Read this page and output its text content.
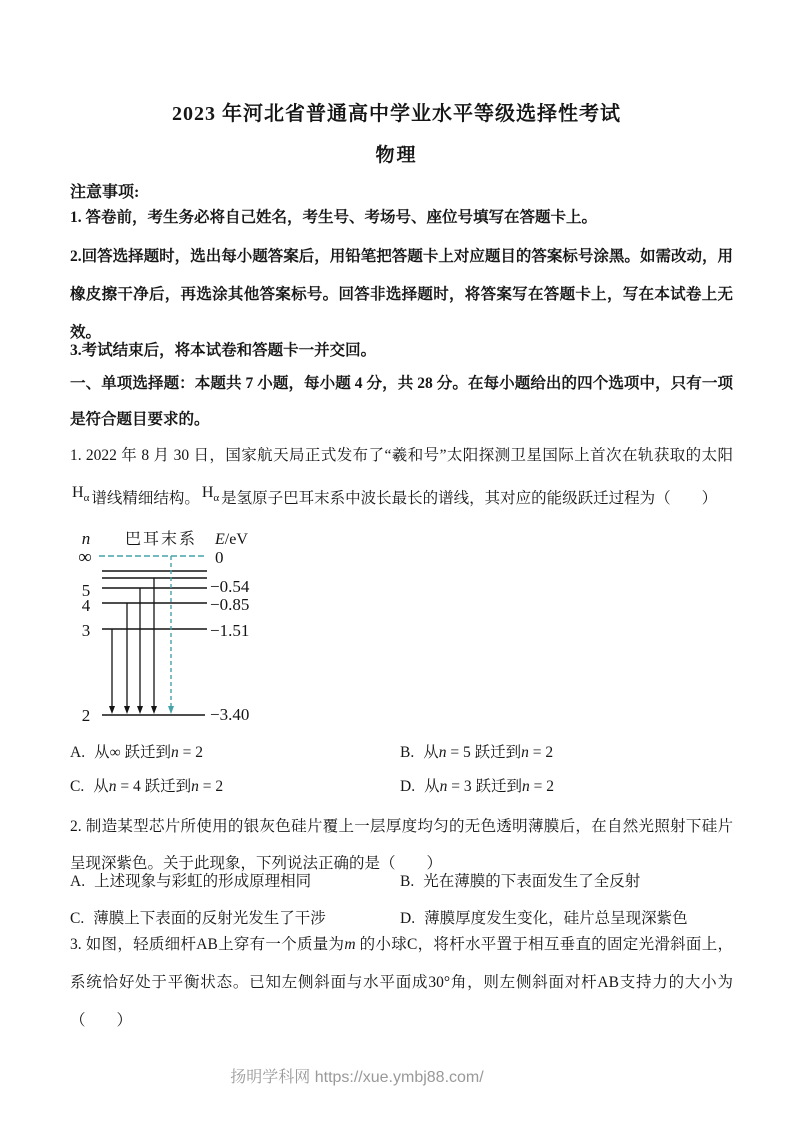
2023 年河北省普通高中学业水平等级选择性考试
物理
注意事项:
1. 答卷前，考生务必将自己姓名，考生号、考场号、座位号填写在答题卡上。
2.回答选择题时，选出每小题答案后，用铅笔把答题卡上对应题目的答案标号涂黑。如需改动，用橡皮擦干净后，再选涂其他答案标号。回答非选择题时，将答案写在答题卡上，写在本试卷上无效。
3.考试结束后，将本试卷和答题卡一并交回。
一、单项选择题：本题共 7 小题，每小题 4 分，共 28 分。在每小题给出的四个选项中，只有一项是符合题目要求的。
1. 2022 年 8 月 30 日，国家航天局正式发布了“羲和号”太阳探测卫星国际上首次在轨获取的太阳$H_\alpha$ 谱线精细结构。 $H_\alpha$ 是氢原子巴耳末系中波长最长的谱线，其对应的能级跃迁过程为（　　）
n 巴耳末系 E/eV
∞
5
4
3
2
0
−0.54
−0.85
−1.51
−3.40
A. 从∞ 跃迁到n = 2	B. 从n = 5 跃迁到n = 2
C. 从n = 4 跃迁到n = 2	D. 从n = 3 跃迁到n = 2
2. 制造某型芯片所使用的银灰色硅片覆上一层厚度均匀的无色透明薄膜后，在自然光照射下硅片呈现深紫色。关于此现象，下列说法正确的是（　　）
A. 上述现象与彩虹的形成原理相同	B. 光在薄膜的下表面发生了全反射
C. 薄膜上下表面的反射光发生了干涉	D. 薄膜厚度发生变化，硅片总呈现深紫色
3. 如图，轻质细杆AB上穿有一个质量为m 的小球C，将杆水平置于相互垂直的固定光滑斜面上，系统恰好处于平衡状态。已知左侧斜面与水平面成30°角，则左侧斜面对杆AB支持力的大小为（　　）
扬明学科网 https://xue.ymbj88.com/
